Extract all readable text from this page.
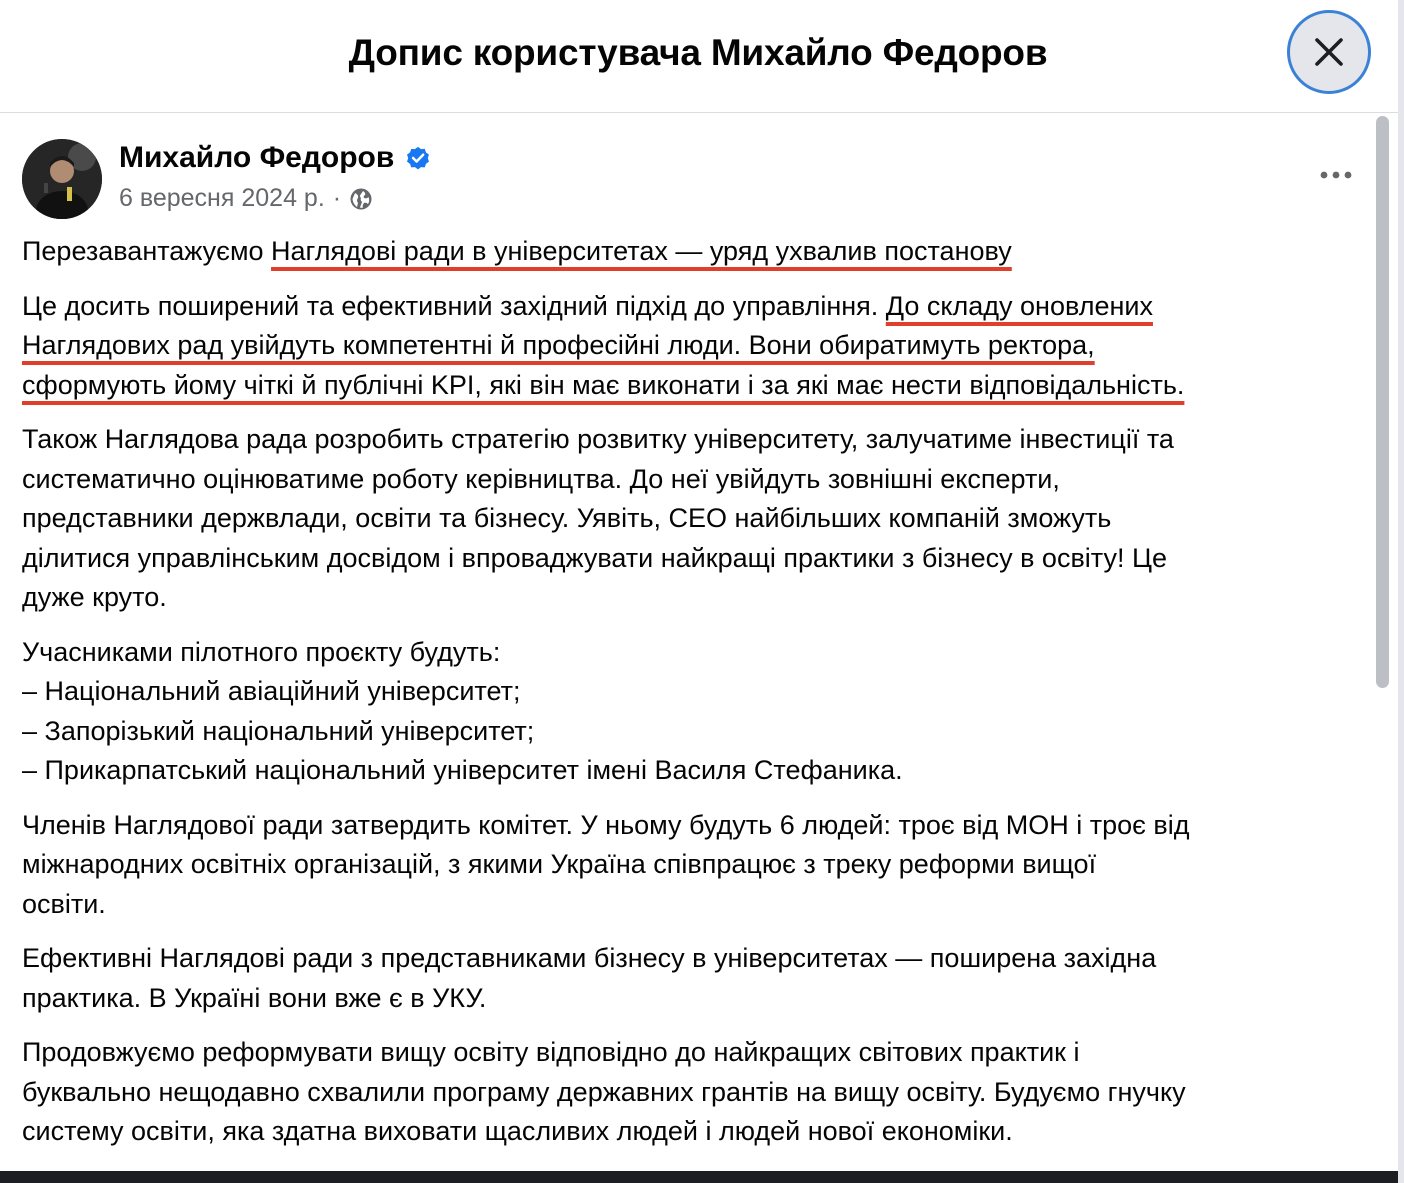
Допис користувача Михайло Федоров
Михайло Федоров
6 вересня 2024 р. ·

Перезавантажуємо Наглядові ради в університетах — уряд ухвалив постанову

Це досить поширений та ефективний західний підхід до управління. До складу оновлених
Наглядових рад увійдуть компетентні й професійні люди. Вони обиратимуть ректора,
сформують йому чіткі й публічні KPI, які він має виконати і за які має нести відповідальність.

Також Наглядова рада розробить стратегію розвитку університету, залучатиме інвестиції та
систематично оцінюватиме роботу керівництва. До неї увійдуть зовнішні експерти,
представники держвлади, освіти та бізнесу. Уявіть, CEO найбільших компаній зможуть
ділитися управлінським досвідом і впроваджувати найкращі практики з бізнесу в освіту! Це
дуже круто.

Учасниками пілотного проєкту будуть:
– Національний авіаційний університет;
– Запорізький національний університет;
– Прикарпатський національний університет імені Василя Стефаника.

Членів Наглядової ради затвердить комітет. У ньому будуть 6 людей: троє від МОН і троє від
міжнародних освітніх організацій, з якими Україна співпрацює з треку реформи вищої
освіти.

Ефективні Наглядові ради з представниками бізнесу в університетах — поширена західна
практика. В Україні вони вже є в УКУ.

Продовжуємо реформувати вищу освіту відповідно до найкращих світових практик і
буквально нещодавно схвалили програму державних грантів на вищу освіту. Будуємо гнучку
систему освіти, яка здатна виховати щасливих людей і людей нової економіки.
